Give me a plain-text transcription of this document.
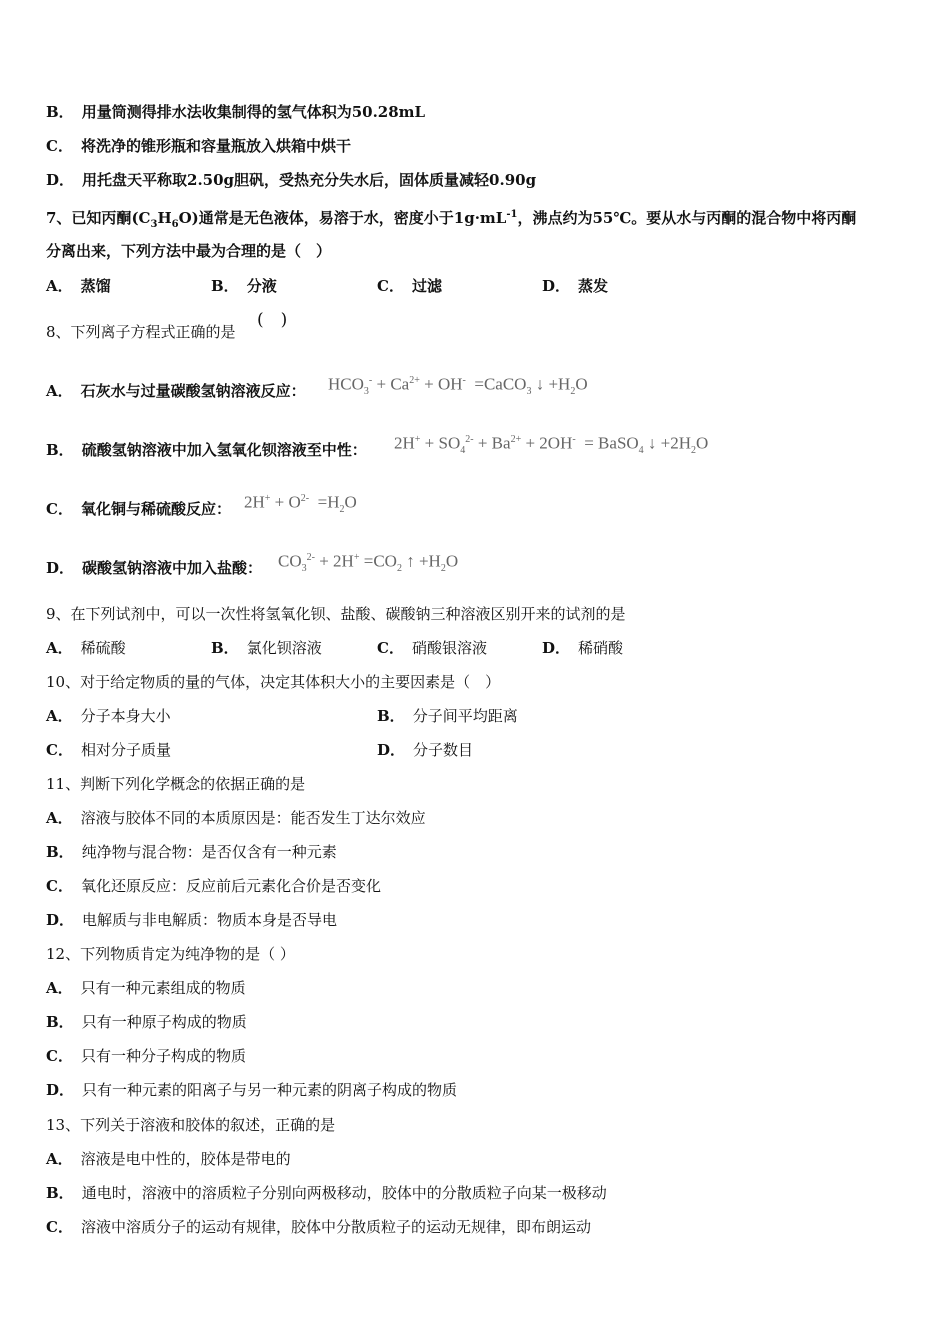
B． 用量筒测得排水法收集制得的氢气体积为50.28mL
C． 将洗净的锥形瓶和容量瓶放入烘箱中烘干
D． 用托盘天平称取2.50g胆矾，受热充分失水后，固体质量减轻0.90g
7、已知丙酮$(C_3H_6O)$通常是无色液体，易溶于水，密度小于$1g\cdot mL^{-1}$，沸点约为55℃。要从水与丙酮的混合物中将丙酮
分离出来，下列方法中最为合理的是（　）
A． 蒸馏	B． 分液	C． 过滤	D． 蒸发
8、下列离子方程式正确的是
(　)
A． 石灰水与过量碳酸氢钠溶液反应： $HCO_3^- + Ca^{2+} + OH^-$  =CaCO$_3$ ↓ $+H_2O$
B． 硫酸氢钠溶液中加入氢氧化钡溶液至中性： $2H^+ + SO_4^{2-} + Ba^{2+} + 2OH^-$  = BaSO$_4$ ↓ $+2H_2O$
C． 氧化铜与稀硫酸反应： $2H^+ + O^{2-} =H_2O$
D． 碳酸氢钠溶液中加入盐酸： $CO_3^{2-} + 2H^+ =CO_2$ ↑ $+H_2O$
9、在下列试剂中，可以一次性将氢氧化钡、盐酸、碳酸钠三种溶液区别开来的试剂的是
A． 稀硫酸	B． 氯化钡溶液	C． 硝酸银溶液	D． 稀硝酸
10、对于给定物质的量的气体，决定其体积大小的主要因素是（　）
A． 分子本身大小	B． 分子间平均距离
C． 相对分子质量	D． 分子数目
11、判断下列化学概念的依据正确的是
A． 溶液与胶体不同的本质原因是：能否发生丁达尔效应
B． 纯净物与混合物：是否仅含有一种元素
C． 氧化还原反应：反应前后元素化合价是否变化
D． 电解质与非电解质：物质本身是否导电
12、下列物质肯定为纯净物的是（ ）
A． 只有一种元素组成的物质
B． 只有一种原子构成的物质
C． 只有一种分子构成的物质
D． 只有一种元素的阳离子与另一种元素的阴离子构成的物质
13、下列关于溶液和胶体的叙述，正确的是
A． 溶液是电中性的，胶体是带电的
B． 通电时，溶液中的溶质粒子分别向两极移动，胶体中的分散质粒子向某一极移动
C． 溶液中溶质分子的运动有规律，胶体中分散质粒子的运动无规律，即布朗运动
